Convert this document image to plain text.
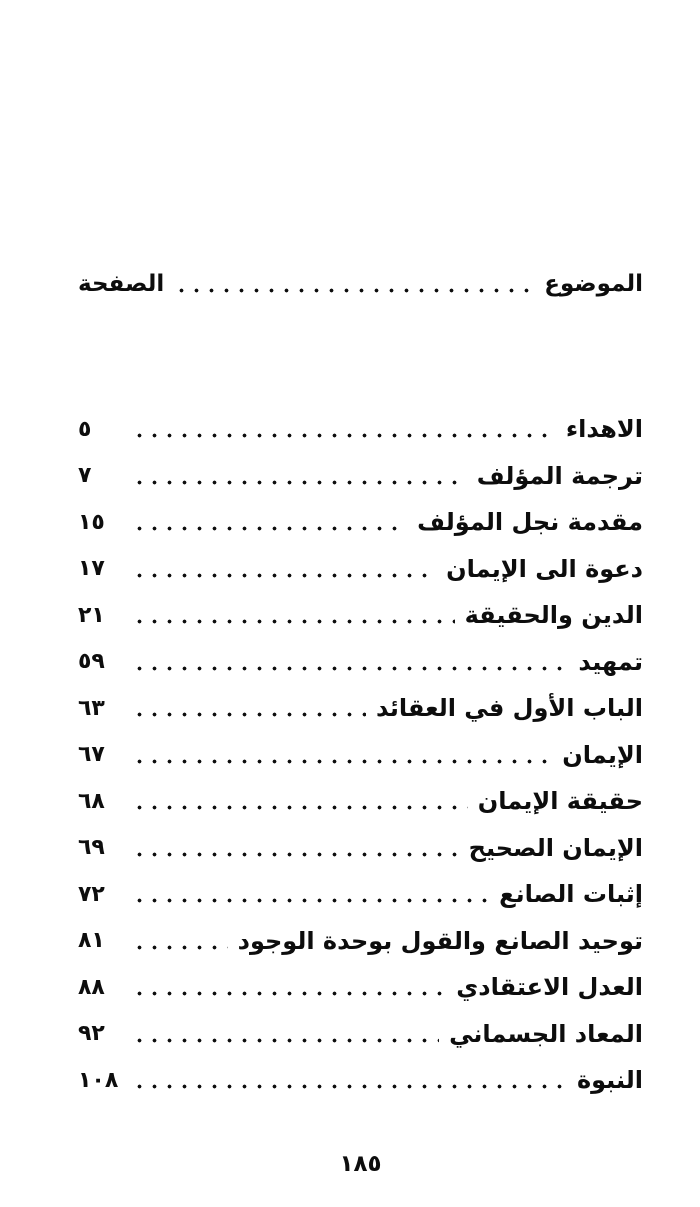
الموضوع
الصفحة
الاهداء
٥
ترجمة المؤلف
٧
مقدمة نجل المؤلف
١٥
دعوة الى الإيمان
١٧
الدين والحقيقة
٢١
تمهيد
٥٩
الباب الأول في العقائد
٦٣
الإيمان
٦٧
حقيقة الإيمان
٦٨
الإيمان الصحيح
٦٩
إثبات الصانع
٧٢
توحيد الصانع والقول بوحدة الوجود
٨١
العدل الاعتقادي
٨٨
المعاد الجسماني
٩٢
النبوة
١٠٨
١٨٥
